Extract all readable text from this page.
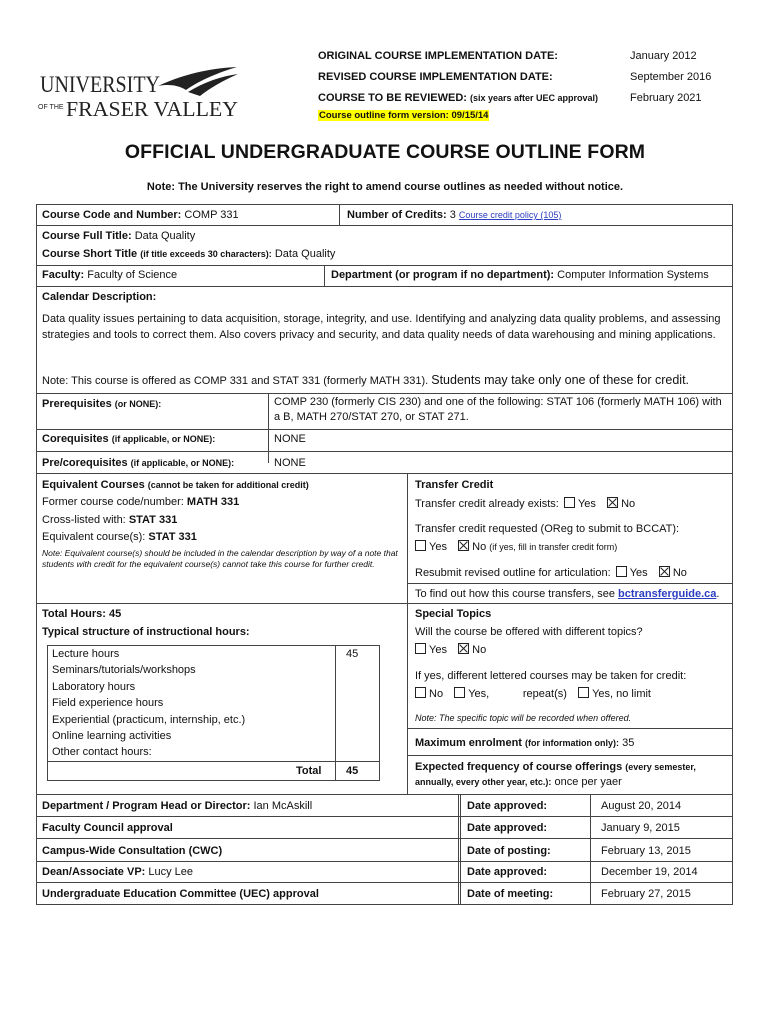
UNIVERSITY
OF THE FRASER VALLEY
ORIGINAL COURSE IMPLEMENTATION DATE:	January 2012
REVISED COURSE IMPLEMENTATION DATE:	September 2016
COURSE TO BE REVIEWED: (six years after UEC approval)	February 2021
Course outline form version: 09/15/14
OFFICIAL UNDERGRADUATE COURSE OUTLINE FORM
Note: The University reserves the right to amend course outlines as needed without notice.
Course Code and Number: COMP 331	Number of Credits: 3 Course credit policy (105)
Course Full Title: Data Quality
Course Short Title (if title exceeds 30 characters): Data Quality
Faculty: Faculty of Science	Department (or program if no department): Computer Information Systems
Calendar Description:
Data quality issues pertaining to data acquisition, storage, integrity, and use. Identifying and analyzing data quality problems, and assessing strategies and tools to correct them. Also covers privacy and security, and data quality needs of data warehousing and mining applications.
Note: This course is offered as COMP 331 and STAT 331 (formerly MATH 331). Students may take only one of these for credit.
Prerequisites (or NONE):	COMP 230 (formerly CIS 230) and one of the following: STAT 106 (formerly MATH 106) with a B, MATH 270/STAT 270, or STAT 271.
Corequisites (if applicable, or NONE):	NONE
Pre/corequisites (if applicable, or NONE):	NONE
Equivalent Courses (cannot be taken for additional credit)
Former course code/number: MATH 331
Cross-listed with: STAT 331
Equivalent course(s): STAT 331
Note: Equivalent course(s) should be included in the calendar description by way of a note that students with credit for the equivalent course(s) cannot take this course for further credit.
Transfer Credit
Transfer credit already exists: Yes No
Transfer credit requested (OReg to submit to BCCAT):
Yes No (if yes, fill in transfer credit form)
Resubmit revised outline for articulation: Yes No
To find out how this course transfers, see bctransferguide.ca.
Total Hours: 45
Typical structure of instructional hours:
Lecture hours	45
Seminars/tutorials/workshops
Laboratory hours
Field experience hours
Experiential (practicum, internship, etc.)
Online learning activities
Other contact hours:
Total 45
Special Topics
Will the course be offered with different topics?
Yes No
If yes, different lettered courses may be taken for credit:
No Yes,	repeat(s) Yes, no limit
Note: The specific topic will be recorded when offered.
Maximum enrolment (for information only): 35
Expected frequency of course offerings (every semester,
annually, every other year, etc.): once per yaer
Department / Program Head or Director: Ian McAskill	Date approved:	August 20, 2014
Faculty Council approval	Date approved:	January 9, 2015
Campus-Wide Consultation (CWC)	Date of posting:	February 13, 2015
Dean/Associate VP: Lucy Lee	Date approved:	December 19, 2014
Undergraduate Education Committee (UEC) approval	Date of meeting:	February 27, 2015
